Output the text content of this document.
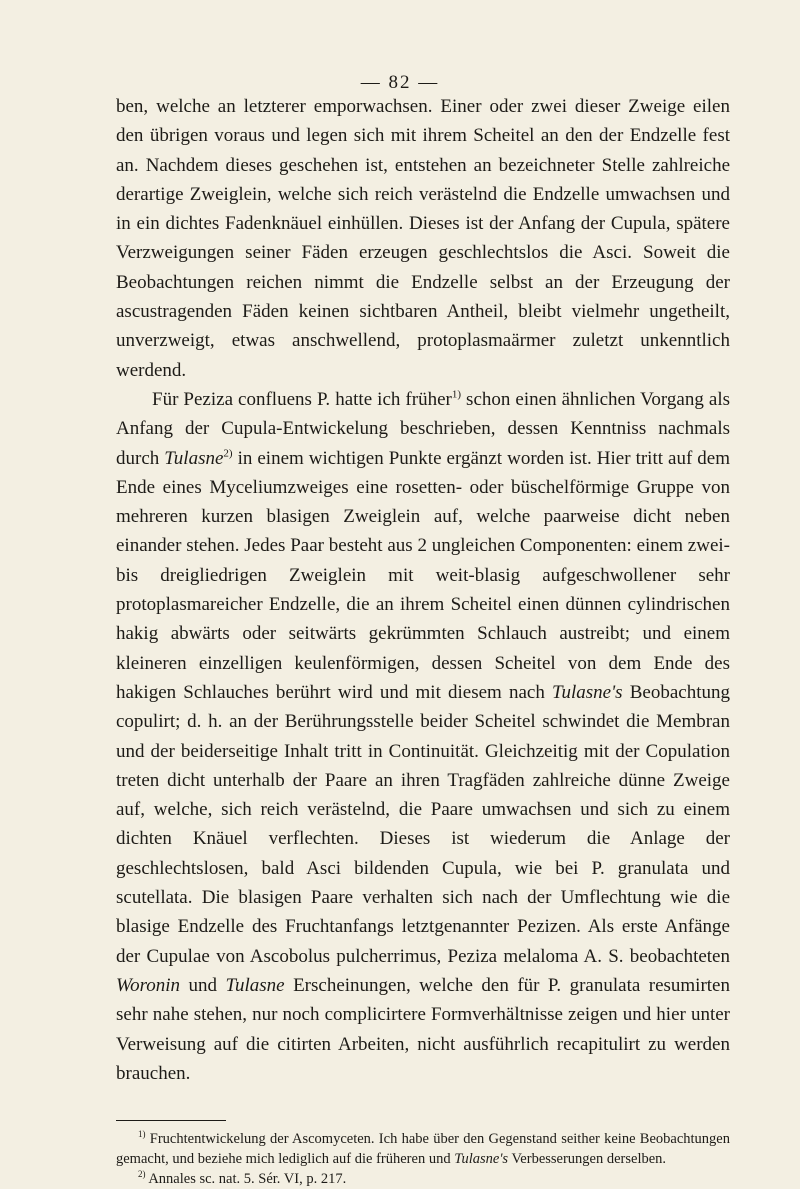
— 82 —

ben, welche an letzterer emporwachsen. Einer oder zwei dieser Zweige eilen den übrigen voraus und legen sich mit ihrem Scheitel an den der Endzelle fest an. Nachdem dieses geschehen ist, entstehen an bezeichneter Stelle zahlreiche derartige Zweiglein, welche sich reich verästelnd die Endzelle umwachsen und in ein dichtes Fadenknäuel einhüllen. Dieses ist der Anfang der Cupula, spätere Verzweigungen seiner Fäden erzeugen geschlechtslos die Asci. Soweit die Beobachtungen reichen nimmt die Endzelle selbst an der Erzeugung der ascustragenden Fäden keinen sichtbaren Antheil, bleibt vielmehr ungetheilt, unverzweigt, etwas anschwellend, protoplasmaärmer zuletzt unkenntlich werdend.

Für Peziza confluens P. hatte ich früher$^{1)}$ schon einen ähnlichen Vorgang als Anfang der Cupula-Entwickelung beschrieben, dessen Kenntniss nachmals durch Tulasne$^{2)}$ in einem wichtigen Punkte ergänzt worden ist. Hier tritt auf dem Ende eines Myceliumzweiges eine rosetten- oder büschelförmige Gruppe von mehreren kurzen blasigen Zweiglein auf, welche paarweise dicht neben einander stehen. Jedes Paar besteht aus 2 ungleichen Componenten: einem zwei- bis dreigliedrigen Zweiglein mit weit-blasig aufgeschwollener sehr protoplasmareicher Endzelle, die an ihrem Scheitel einen dünnen cylindrischen hakig abwärts oder seitwärts gekrümmten Schlauch austreibt; und einem kleineren einzelligen keulenförmigen, dessen Scheitel von dem Ende des hakigen Schlauches berührt wird und mit diesem nach Tulasne's Beobachtung copulirt; d. h. an der Berührungsstelle beider Scheitel schwindet die Membran und der beiderseitige Inhalt tritt in Continuität. Gleichzeitig mit der Copulation treten dicht unterhalb der Paare an ihren Tragfäden zahlreiche dünne Zweige auf, welche, sich reich verästelnd, die Paare umwachsen und sich zu einem dichten Knäuel verflechten. Dieses ist wiederum die Anlage der geschlechtslosen, bald Asci bildenden Cupula, wie bei P. granulata und scutellata. Die blasigen Paare verhalten sich nach der Umflechtung wie die blasige Endzelle des Fruchtanfangs letztgenannter Pezizen. Als erste Anfänge der Cupulae von Ascobolus pulcherrimus, Peziza melaloma A. S. beobachteten Woronin und Tulasne Erscheinungen, welche den für P. granulata resumirten sehr nahe stehen, nur noch complicirtere Formverhältnisse zeigen und hier unter Verweisung auf die citirten Arbeiten, nicht ausführlich recapitulirt zu werden brauchen.

$^{1)}$ Fruchtentwickelung der Ascomyceten. Ich habe über den Gegenstand seither keine Beobachtungen gemacht, und beziehe mich lediglich auf die früheren und Tulasne's Verbesserungen derselben.

$^{2)}$ Annales sc. nat. 5. Sér. VI, p. 217.
